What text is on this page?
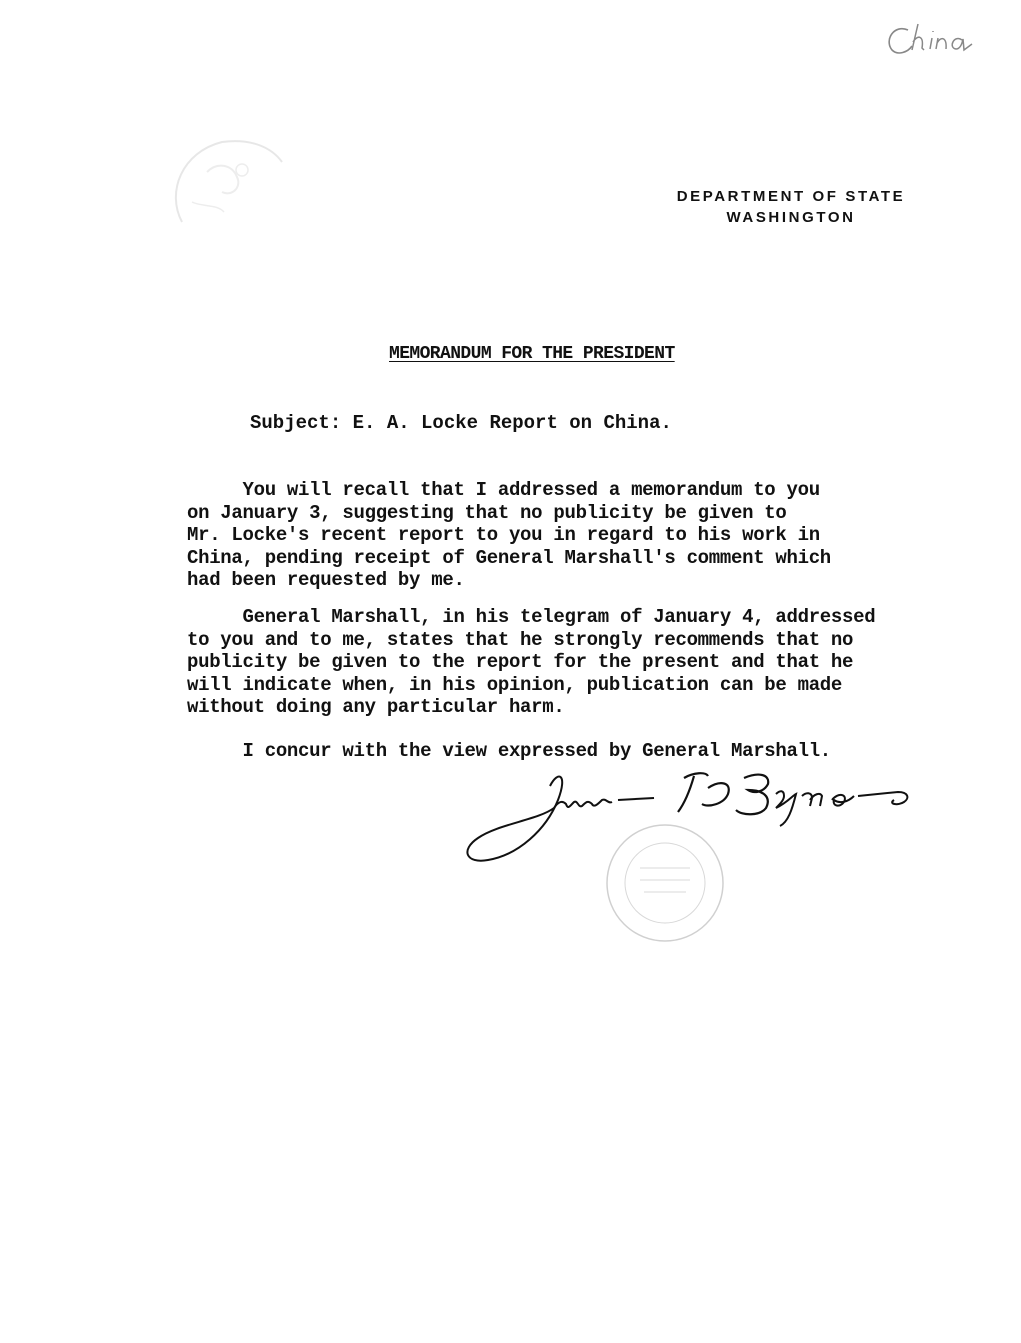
DEPARTMENT OF STATE
WASHINGTON
MEMORANDUM FOR THE PRESIDENT
Subject: E. A. Locke Report on China.
You will recall that I addressed a memorandum to you
on January 3, suggesting that no publicity be given to
Mr. Locke's recent report to you in regard to his work in
China, pending receipt of General Marshall's comment which
had been requested by me.
General Marshall, in his telegram of January 4, addressed
to you and to me, states that he strongly recommends that no
publicity be given to the report for the present and that he
will indicate when, in his opinion, publication can be made
without doing any particular harm.
I concur with the view expressed by General Marshall.
